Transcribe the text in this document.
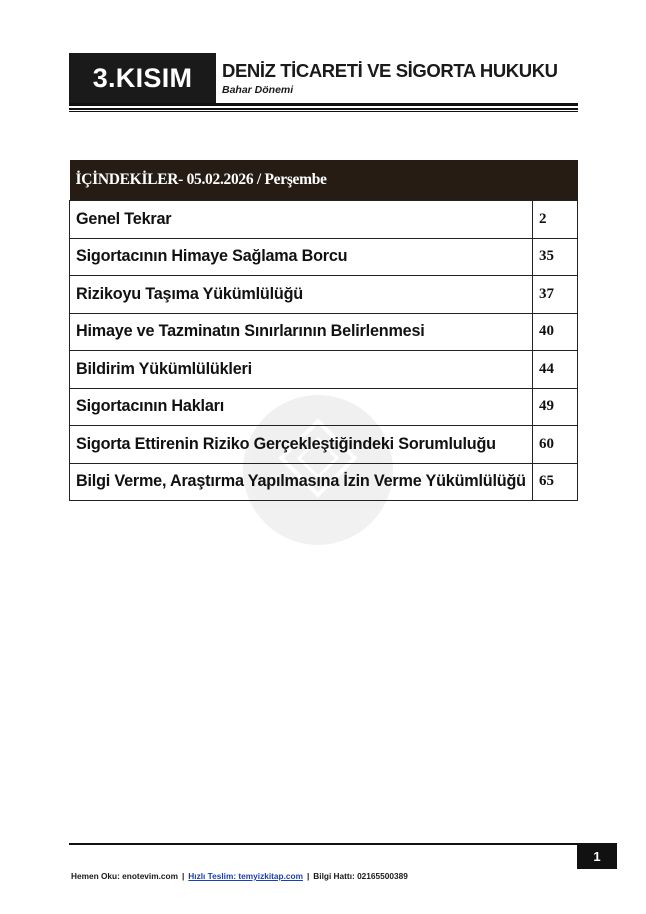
3.KISIM	DENİZ TİCARETİ VE SİGORTA HUKUKU
Bahar Dönemi
İÇİNDEKİLER- 05.02.2026 / Perşembe	
Genel Tekrar	2
Sigortacının Himaye Sağlama Borcu	35
Rizikoyu Taşıma Yükümlülüğü	37
Himaye ve Tazminatın Sınırlarının Belirlenmesi	40
Bildirim Yükümlülükleri	44
Sigortacının Hakları	49
Sigorta Ettirenin Riziko Gerçekleştiğindeki Sorumluluğu	60
Bilgi Verme, Araştırma Yapılmasına İzin Verme Yükümlülüğü	65
1
Hemen Oku: enotevim.com | Hızlı Teslim: temyizkitap.com | Bilgi Hattı: 02165500389
